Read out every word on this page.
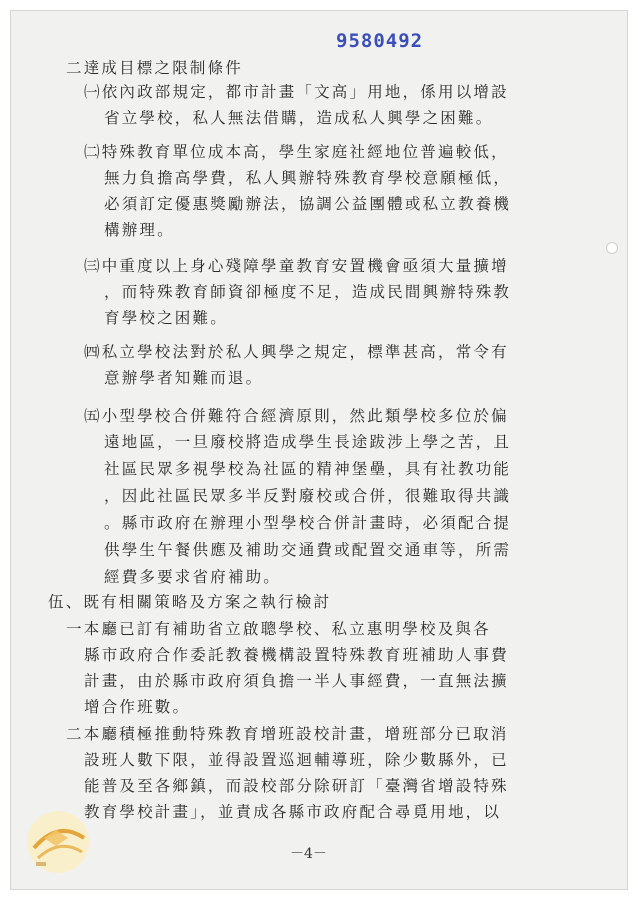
9580492
二達成目標之限制條件
㈠依內政部規定，都市計畫「文高」用地，係用以增設
省立學校，私人無法借購，造成私人興學之困難。
㈡特殊教育單位成本高，學生家庭社經地位普遍較低，
無力負擔高學費，私人興辦特殊教育學校意願極低，
必須訂定優惠獎勵辦法，協調公益團體或私立教養機
構辦理。
㈢中重度以上身心殘障學童教育安置機會亟須大量擴增
，而特殊教育師資卻極度不足，造成民間興辦特殊教
育學校之困難。
㈣私立學校法對於私人興學之規定，標準甚高，常令有
意辦學者知難而退。
㈤小型學校合併難符合經濟原則，然此類學校多位於偏
遠地區，一旦廢校將造成學生長途跋涉上學之苦，且
社區民眾多視學校為社區的精神堡壘，具有社教功能
，因此社區民眾多半反對廢校或合併，很難取得共識
。縣市政府在辦理小型學校合併計畫時，必須配合提
供學生午餐供應及補助交通費或配置交通車等，所需
經費多要求省府補助。
伍、既有相關策略及方案之執行檢討
一本廳已訂有補助省立啟聰學校、私立惠明學校及與各
縣市政府合作委託教養機構設置特殊教育班補助人事費
計畫，由於縣市政府須負擔一半人事經費，一直無法擴
增合作班數。
二本廳積極推動特殊教育增班設校計畫，增班部分已取消
設班人數下限，並得設置巡迴輔導班，除少數縣外，已
能普及至各鄉鎮，而設校部分除研訂「臺灣省增設特殊
教育學校計畫」，並責成各縣市政府配合尋覓用地，以
－4－
